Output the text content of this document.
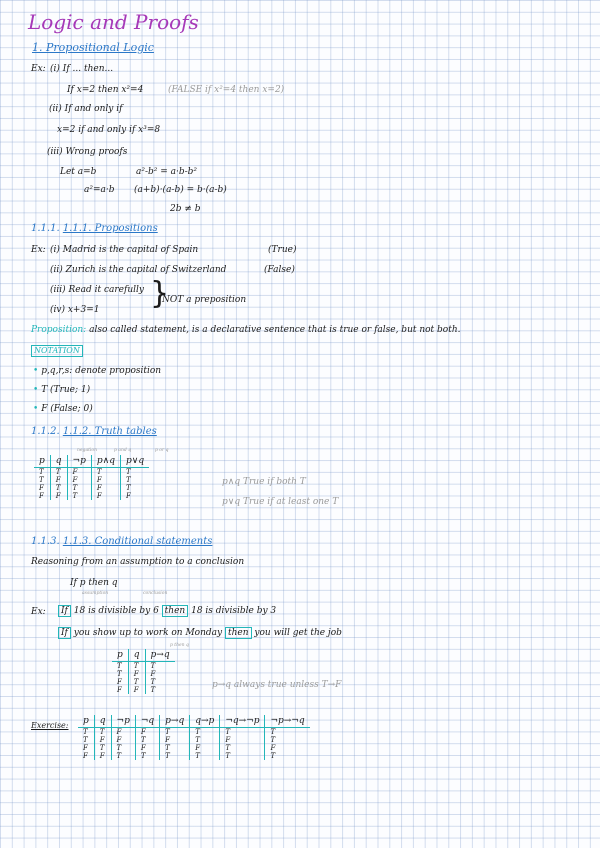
Logic and Proofs
1. Propositional Logic
Ex: (i) If ... then...
If x=2 then x²=4	(FALSE if x²=4 then x=2)
(ii) If and only if
x=2 if and only if x³=8
(iii) Wrong proofs
Let a=b	a²-b² = a·b-b²
a²=a·b (a+b)·(a-b) = b·(a-b)
2b ≠ b
1.1.1. 1.1.1. Propositions
Ex: (i) Madrid is the capital of Spain	(True)
(ii) Zurich is the capital of Switzerland	(False)
(iii) Read it carefully
(iv) x+3=1 }
NOT a preposition
Proposition: also called statement, is a declarative sentence that is true or false, but not both.
NOTATION
• p,q,r,s: denote proposition
• T (True; 1)
• F (False; 0)
1.1.2. 1.1.2. Truth tables
negation	p and q	p or q
p	q	¬p	p∧q	p∨q
T	T	F	T	T
T	F	F	F	T
F	T	T	F	T
F	F	T	F	F
p∧q True if both T
p∨q True if at least one T
1.1.3. 1.1.3. Conditional statements
Reasoning from an assumption to a conclusion
If p then q
assumption	conclusion
Ex:	If 18 is divisible by 6 then 18 is divisible by 3
If you show up to work on Monday then you will get the job
p then q
p	q	p→q
T	T	T
T	F	F
F	T	T
F	F	T	p→q always true unless T→F
Exercise: p	q	¬p	¬q	p→q	q→p	¬q→¬p	¬p→¬q
T	T	F	F	T	T	T	T
T	F	F	T	F	T	F	T
F	T	T	F	T	F	T	F
F	F	T	T	T	T	T	T
